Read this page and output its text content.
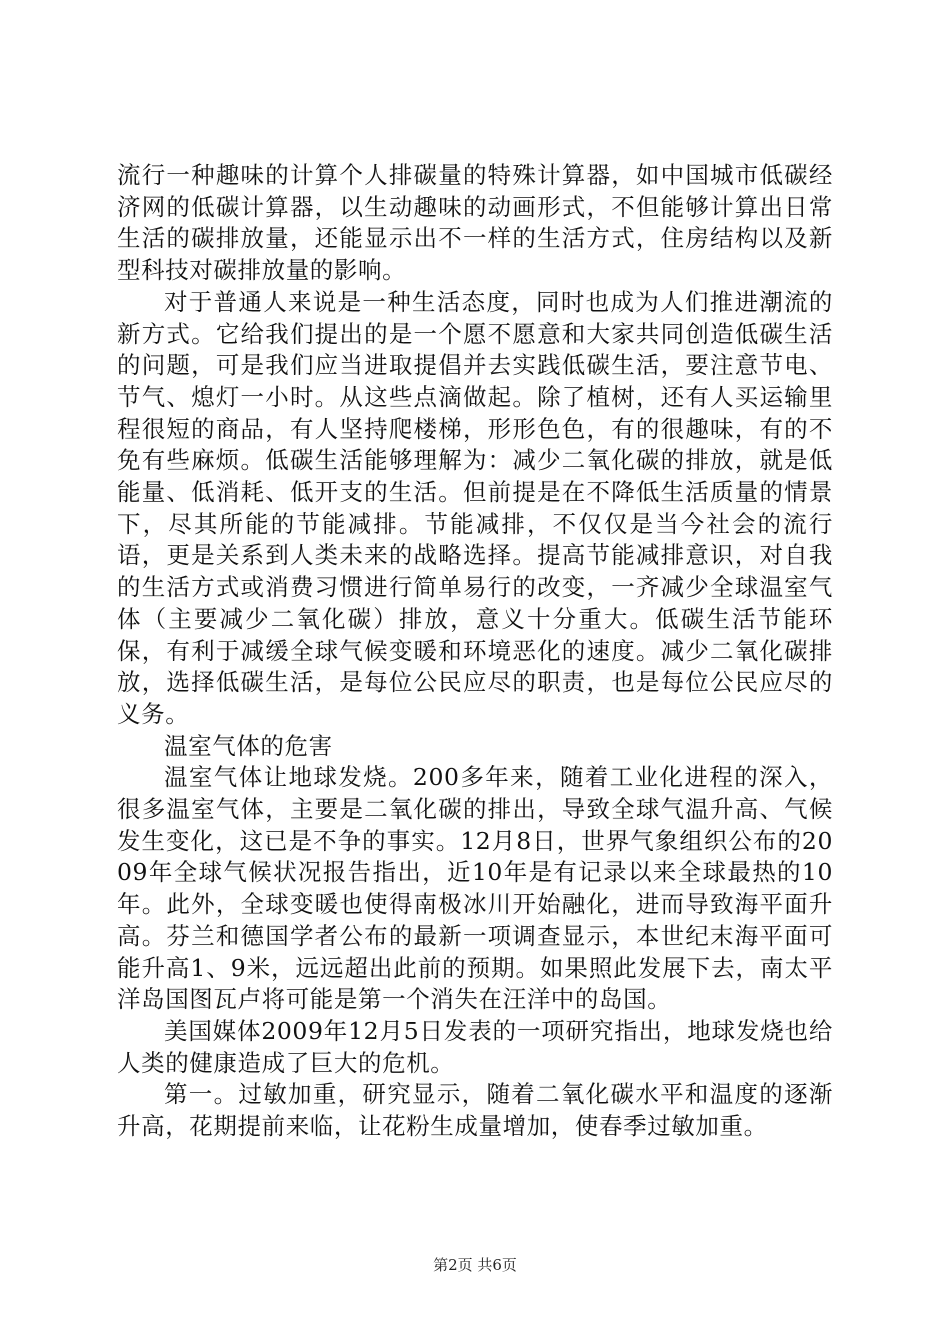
流行一种趣味的计算个人排碳量的特殊计算器，如中国城市低碳经济网的低碳计算器，以生动趣味的动画形式，不但能够计算出日常生活的碳排放量，还能显示出不一样的生活方式，住房结构以及新型科技对碳排放量的影响。

对于普通人来说是一种生活态度，同时也成为人们推进潮流的新方式。它给我们提出的是一个愿不愿意和大家共同创造低碳生活的问题，可是我们应当进取提倡并去实践低碳生活，要注意节电、节气、熄灯一小时。从这些点滴做起。除了植树，还有人买运输里程很短的商品，有人坚持爬楼梯，形形色色，有的很趣味，有的不免有些麻烦。低碳生活能够理解为：减少二氧化碳的排放，就是低能量、低消耗、低开支的生活。但前提是在不降低生活质量的情景下，尽其所能的节能减排。节能减排，不仅仅是当今社会的流行语，更是关系到人类未来的战略选择。提高节能减排意识，对自我的生活方式或消费习惯进行简单易行的改变，一齐减少全球温室气体（主要减少二氧化碳）排放，意义十分重大。低碳生活节能环保，有利于减缓全球气候变暖和环境恶化的速度。减少二氧化碳排放，选择低碳生活，是每位公民应尽的职责，也是每位公民应尽的义务。

温室气体的危害

温室气体让地球发烧。200多年来，随着工业化进程的深入，很多温室气体，主要是二氧化碳的排出，导致全球气温升高、气候发生变化，这已是不争的事实。12月8日，世界气象组织公布的2009年全球气候状况报告指出，近10年是有记录以来全球最热的10年。此外，全球变暖也使得南极冰川开始融化，进而导致海平面升高。芬兰和德国学者公布的最新一项调查显示，本世纪末海平面可能升高1、9米，远远超出此前的预期。如果照此发展下去，南太平洋岛国图瓦卢将可能是第一个消失在汪洋中的岛国。

美国媒体2009年12月5日发表的一项研究指出，地球发烧也给人类的健康造成了巨大的危机。

第一。过敏加重，研究显示，随着二氧化碳水平和温度的逐渐升高，花期提前来临，让花粉生成量增加，使春季过敏加重。

第2页 共6页
